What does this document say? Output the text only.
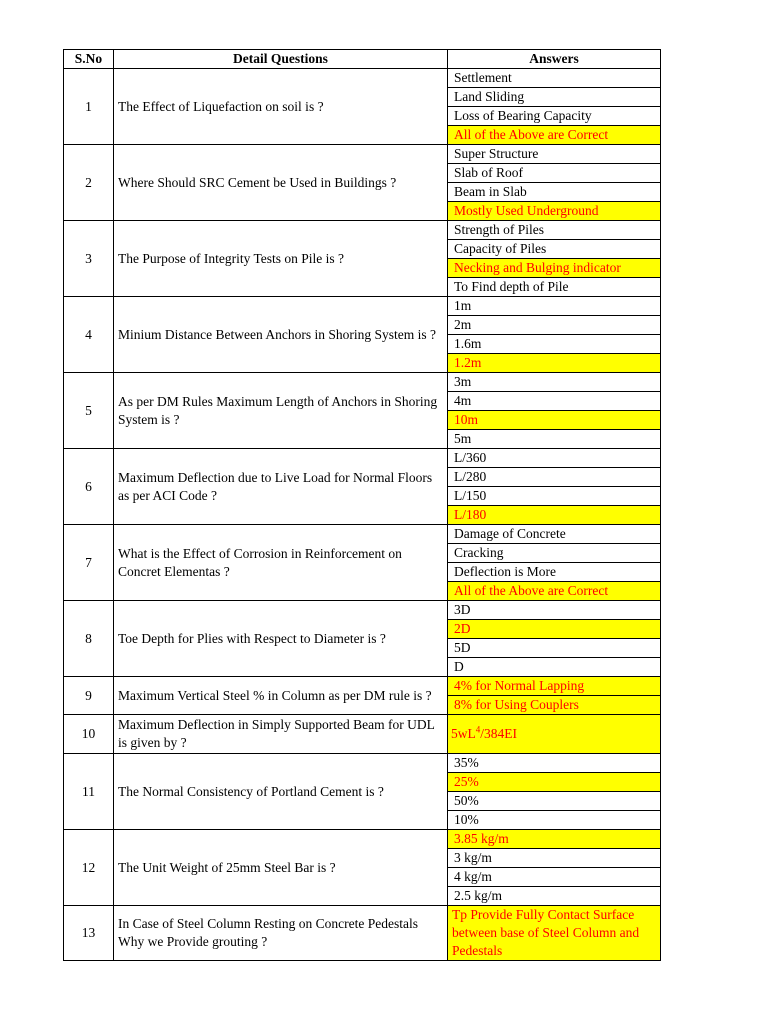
S.No	Detail Questions	Answers
1	The Effect of Liquefaction on soil is ?	Settlement
		Land Sliding
		Loss of Bearing Capacity
		All of the Above are Correct
2	Where Should SRC Cement be Used in Buildings ?	Super Structure
		Slab of Roof
		Beam in Slab
		Mostly Used Underground
3	The Purpose of Integrity Tests on Pile is ?	Strength of Piles
		Capacity of Piles
		Necking and Bulging indicator
		To Find depth of Pile
4	Minium Distance Between Anchors in Shoring System is ?	1m
		2m
		1.6m
		1.2m
5	As per DM Rules Maximum Length of Anchors in Shoring System is ?	3m
		4m
		10m
		5m
6	Maximum Deflection due to Live Load for Normal Floors as per ACI Code ?	L/360
		L/280
		L/150
		L/180
7	What is the Effect of Corrosion in Reinforcement on Concret Elementas ?	Damage of Concrete
		Cracking
		Deflection is More
		All of the Above are Correct
8	Toe Depth for Plies with Respect to Diameter is ?	3D
		2D
		5D
		D
9	Maximum Vertical Steel % in Column as per DM rule is ?	4% for Normal Lapping
		8% for Using Couplers
10	Maximum Deflection in Simply Supported Beam for UDL is given by ?	$5wL^4/384EI$
11	The Normal Consistency of Portland Cement is ?	35%
		25%
		50%
		10%
12	The Unit Weight of 25mm Steel Bar is ?	3.85 kg/m
		3 kg/m
		4 kg/m
		2.5 kg/m
13	In Case of Steel Column Resting on Concrete Pedestals Why we Provide grouting ?	Tp Provide Fully Contact Surface between base of Steel Column and Pedestals
